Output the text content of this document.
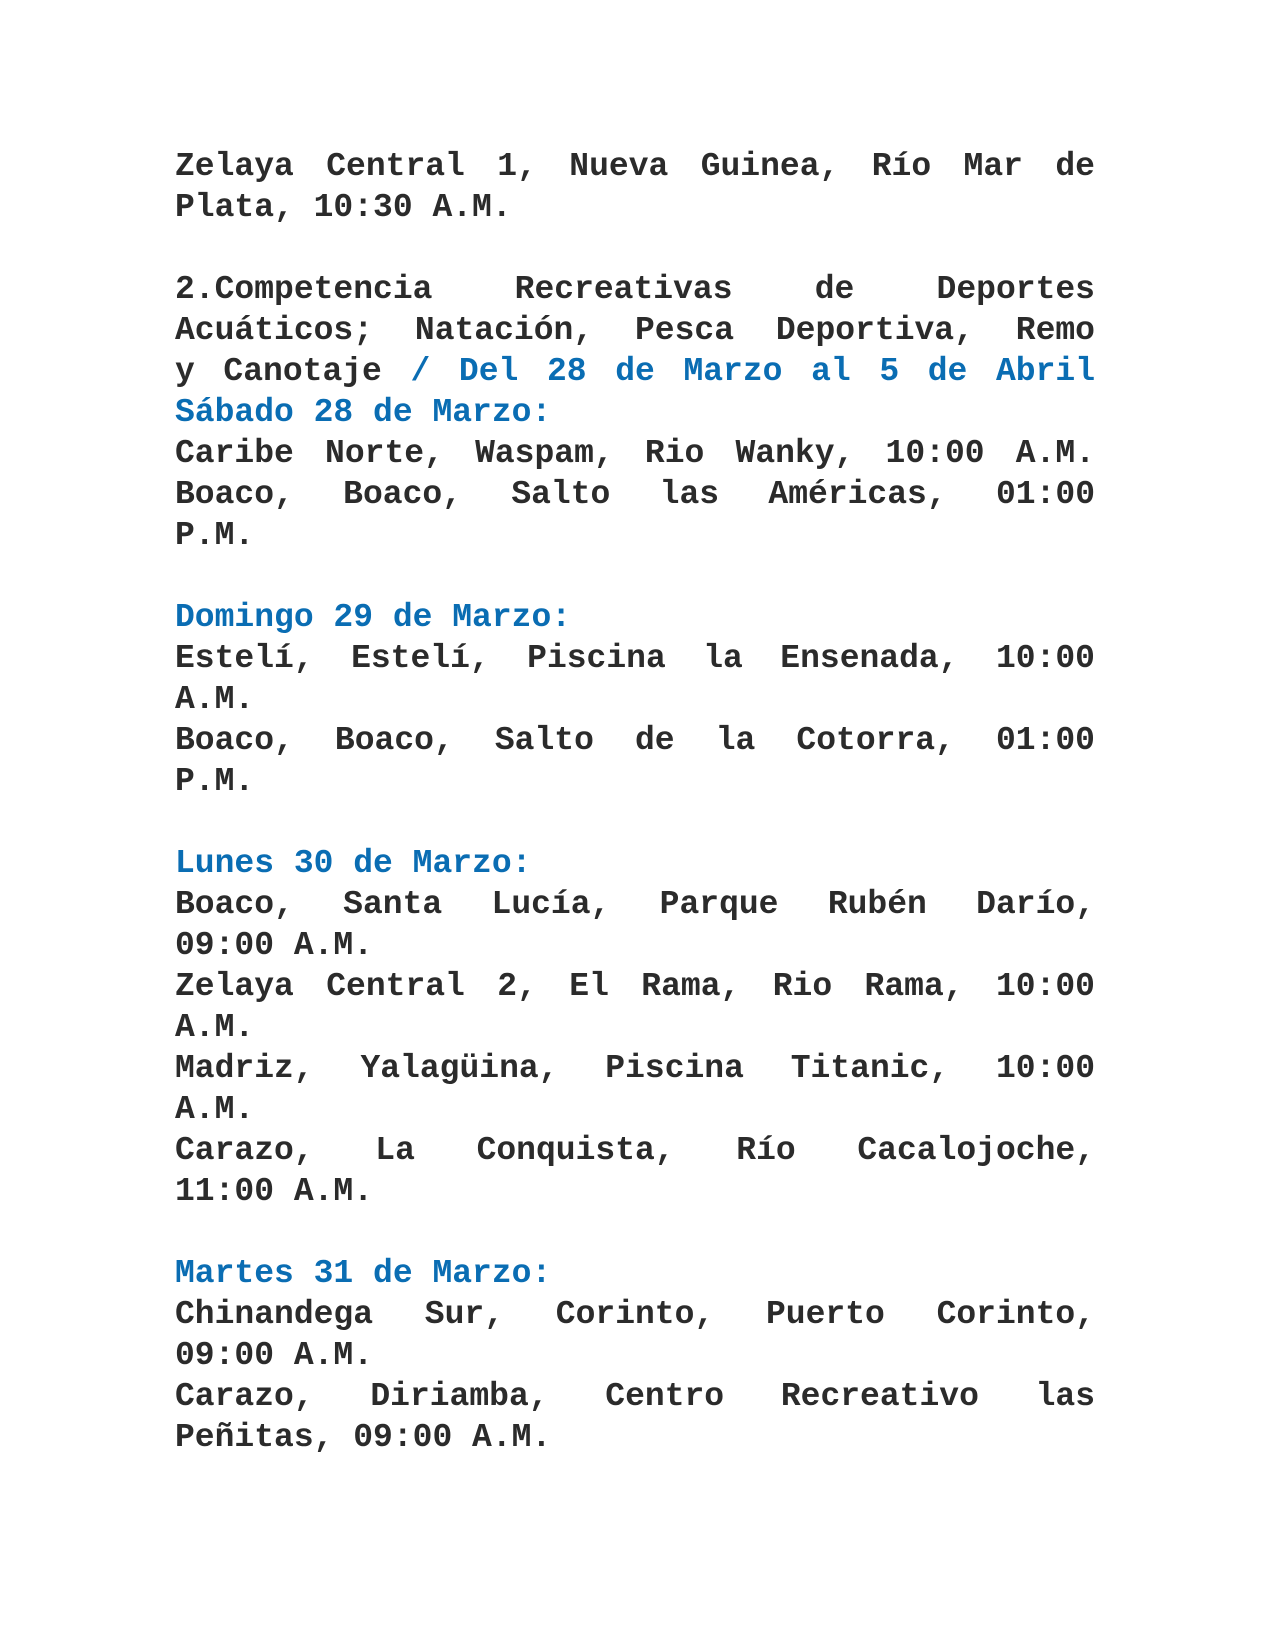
Zelaya Central 1, Nueva Guinea, Río Mar de
Plata, 10:30 A.M.
2.Competencia Recreativas de Deportes
Acuáticos; Natación, Pesca Deportiva, Remo
y Canotaje / Del 28 de Marzo al 5 de Abril
Sábado 28 de Marzo:
Caribe Norte, Waspam, Rio Wanky, 10:00 A.M.
Boaco, Boaco, Salto las Américas, 01:00
P.M.
Domingo 29 de Marzo:
Estelí, Estelí, Piscina la Ensenada, 10:00
A.M.
Boaco, Boaco, Salto de la Cotorra, 01:00
P.M.
Lunes 30 de Marzo:
Boaco, Santa Lucía, Parque Rubén Darío,
09:00 A.M.
Zelaya Central 2, El Rama, Rio Rama, 10:00
A.M.
Madriz, Yalagüina, Piscina Titanic, 10:00
A.M.
Carazo, La Conquista, Río Cacalojoche,
11:00 A.M.
Martes 31 de Marzo:
Chinandega Sur, Corinto, Puerto Corinto,
09:00 A.M.
Carazo, Diriamba, Centro Recreativo las
Peñitas, 09:00 A.M.
